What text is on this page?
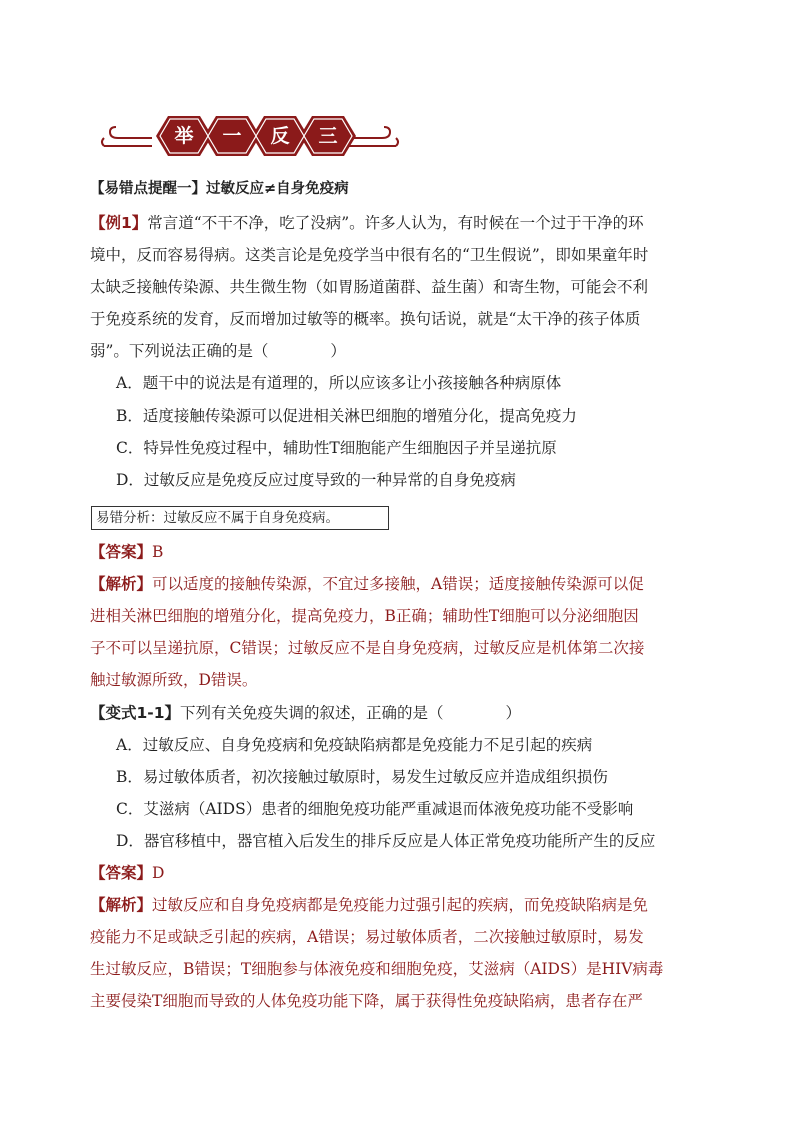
举	一	反	三
【易错点提醒一】过敏反应≠自身免疫病
【例1】常言道“不干不净，吃了没病”。许多人认为，有时候在一个过于干净的环
境中，反而容易得病。这类言论是免疫学当中很有名的“卫生假说”，即如果童年时
太缺乏接触传染源、共生微生物（如胃肠道菌群、益生菌）和寄生物，可能会不利
于免疫系统的发育，反而增加过敏等的概率。换句话说，就是“太干净的孩子体质
弱”。下列说法正确的是（　　　　）
A．题干中的说法是有道理的，所以应该多让小孩接触各种病原体
B．适度接触传染源可以促进相关淋巴细胞的增殖分化，提高免疫力
C．特异性免疫过程中，辅助性T细胞能产生细胞因子并呈递抗原
D．过敏反应是免疫反应过度导致的一种异常的自身免疫病
易错分析：过敏反应不属于自身免疫病。
【答案】B
【解析】可以适度的接触传染源，不宜过多接触，A错误；适度接触传染源可以促
进相关淋巴细胞的增殖分化，提高免疫力，B正确；辅助性T细胞可以分泌细胞因
子不可以呈递抗原，C错误；过敏反应不是自身免疫病，过敏反应是机体第二次接
触过敏源所致，D错误。
【变式1-1】下列有关免疫失调的叙述，正确的是（　　　　）
A．过敏反应、自身免疫病和免疫缺陷病都是免疫能力不足引起的疾病
B．易过敏体质者，初次接触过敏原时，易发生过敏反应并造成组织损伤
C．艾滋病（AIDS）患者的细胞免疫功能严重减退而体液免疫功能不受影响
D．器官移植中，器官植入后发生的排斥反应是人体正常免疫功能所产生的反应
【答案】D
【解析】过敏反应和自身免疫病都是免疫能力过强引起的疾病，而免疫缺陷病是免
疫能力不足或缺乏引起的疾病，A错误；易过敏体质者，二次接触过敏原时，易发
生过敏反应，B错误；T细胞参与体液免疫和细胞免疫，艾滋病（AIDS）是HIV病毒
主要侵染T细胞而导致的人体免疫功能下降，属于获得性免疫缺陷病，患者存在严
